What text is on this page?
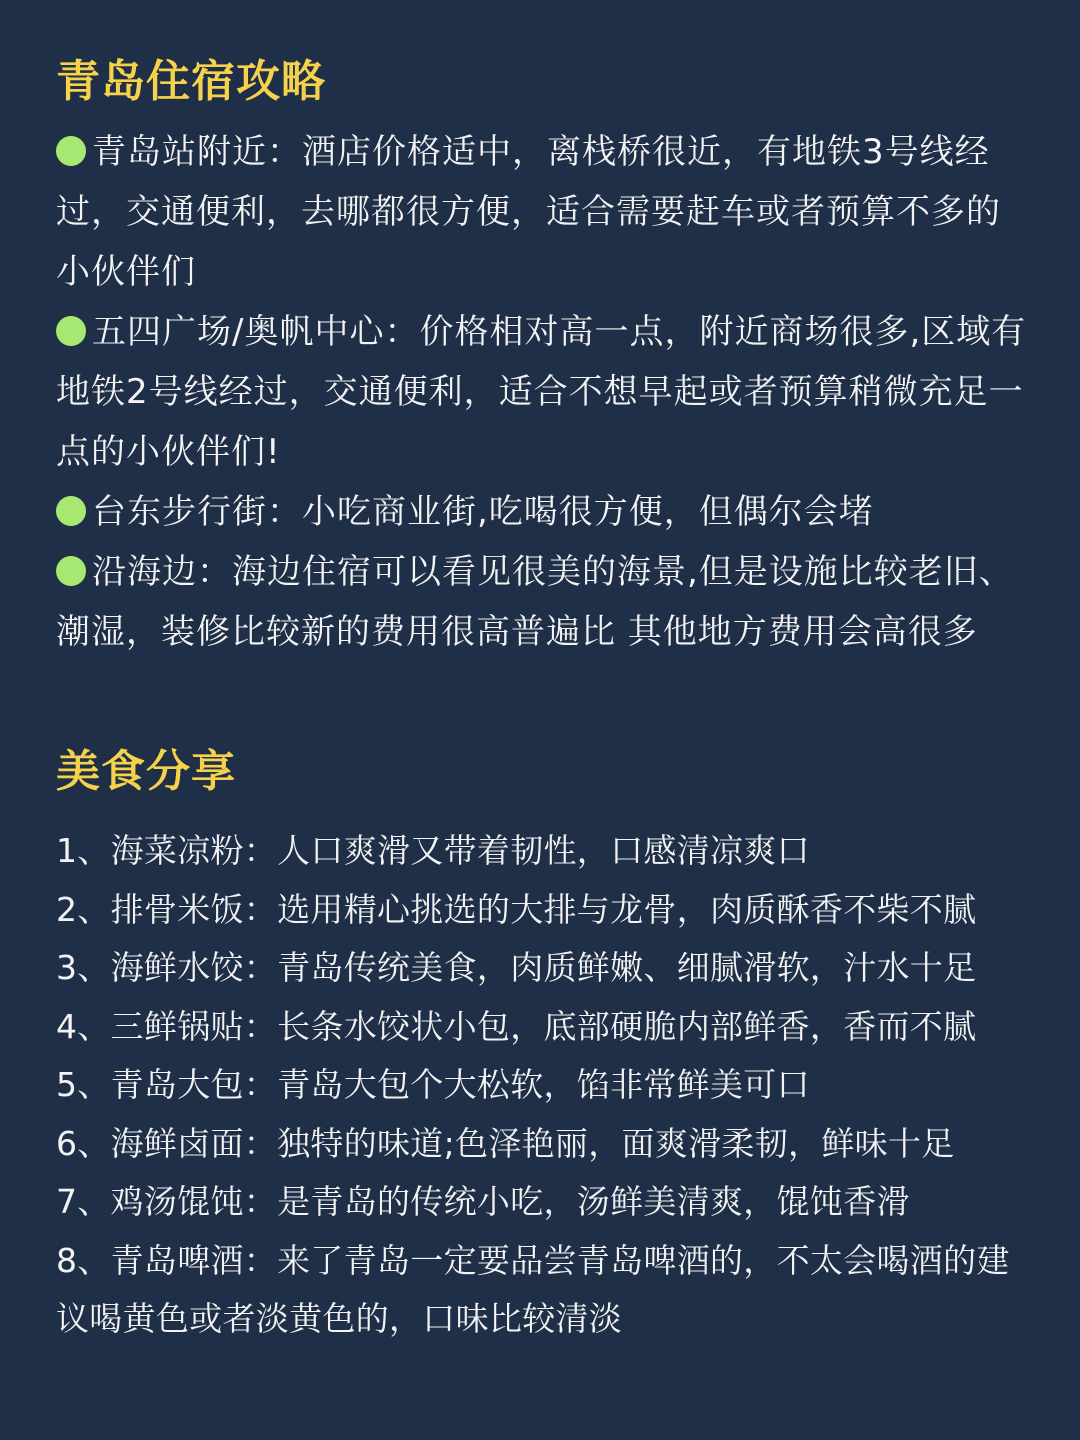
青岛住宿攻略
青岛站附近：酒店价格适中，离栈桥很近，有地铁3号线经过，交通便利，去哪都很方便，适合需要赶车或者预算不多的小伙伴们
五四广场/奥帆中心：价格相对高一点，附近商场很多,区域有地铁2号线经过，交通便利，适合不想早起或者预算稍微充足一点的小伙伴们!
台东步行街：小吃商业街,吃喝很方便，但偶尔会堵
沿海边：海边住宿可以看见很美的海景,但是设施比较老旧、潮湿，装修比较新的费用很高普遍比 其他地方费用会高很多
美食分享
1、海菜凉粉：人口爽滑又带着韧性，口感清凉爽口
2、排骨米饭：选用精心挑选的大排与龙骨，肉质酥香不柴不腻
3、海鲜水饺：青岛传统美食，肉质鲜嫩、细腻滑软，汁水十足
4、三鲜锅贴：长条水饺状小包，底部硬脆内部鲜香，香而不腻
5、青岛大包：青岛大包个大松软，馅非常鲜美可口
6、海鲜卤面：独特的味道;色泽艳丽，面爽滑柔韧，鲜味十足
7、鸡汤馄饨：是青岛的传统小吃，汤鲜美清爽，馄饨香滑
8、青岛啤酒：来了青岛一定要品尝青岛啤酒的，不太会喝酒的建议喝黄色或者淡黄色的，口味比较清淡
